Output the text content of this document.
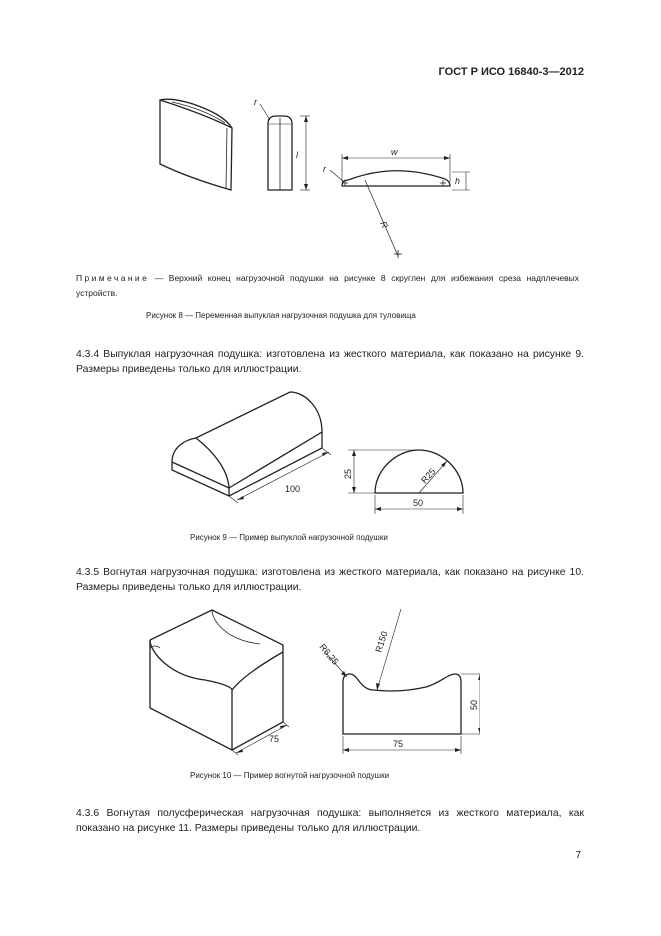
ГОСТ Р ИСО 16840-3—2012
r
l
r
w
h
R
Примечание — Верхний конец нагрузочной подушки на рисунке 8 скруглен для избежания среза надплечевых устройств.
Рисунок 8 — Переменная выпуклая нагрузочная подушка для туловища
4.3.4 Выпуклая нагрузочная подушка: изготовлена из жесткого материала, как показано на рисунке 9. Размеры приведены только для иллюстрации.
100
25	R25
50
Рисунок 9 — Пример выпуклой нагрузочной подушки
4.3.5 Вогнутая нагрузочная подушка: изготовлена из жесткого материала, как показано на рисунке 10. Размеры приведены только для иллюстрации.
75
R6,25
R150
50
75
Рисунок 10 — Пример вогнутой нагрузочной подушки
4.3.6 Вогнутая полусферическая нагрузочная подушка: выполняется из жесткого материала, как показано на рисунке 11. Размеры приведены только для иллюстрации.
7
